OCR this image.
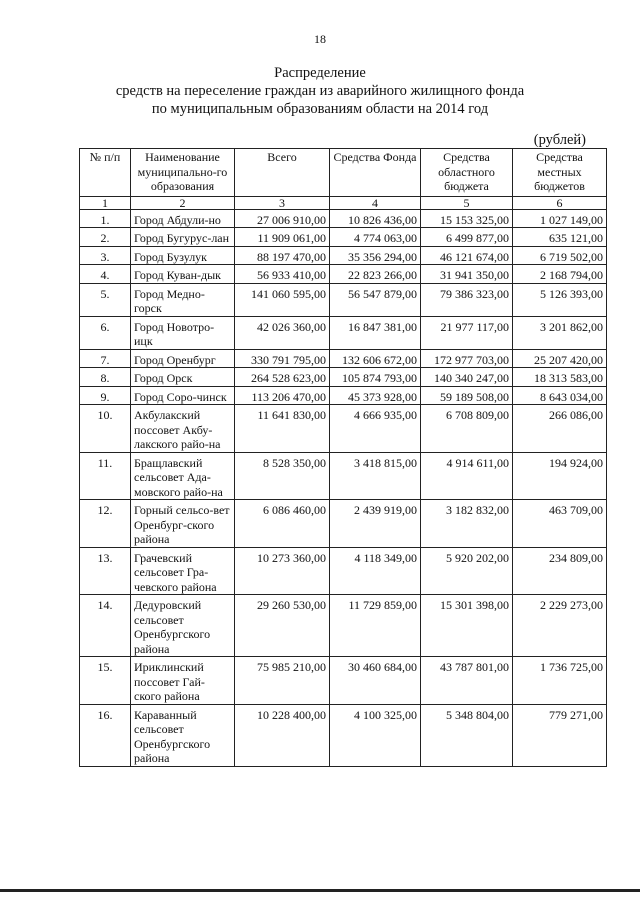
18
Распределение
средств на переселение граждан из аварийного жилищного фонда
по муниципальным образованиям области на 2014 год
(рублей)
№ п/п	Наименование муниципально-го образования	Всего	Средства Фонда	Средства областного бюджета	Средства местных бюджетов
1	2	3	4	5	6
1.	Город Абдули-но	27 006 910,00	10 826 436,00	15 153 325,00	1 027 149,00
2.	Город Бугурус-лан	11 909 061,00	4 774 063,00	6 499 877,00	635 121,00
3.	Город Бузулук	88 197 470,00	35 356 294,00	46 121 674,00	6 719 502,00
4.	Город Куван-дык	56 933 410,00	22 823 266,00	31 941 350,00	2 168 794,00
5.	Город Медно-горск	141 060 595,00	56 547 879,00	79 386 323,00	5 126 393,00
6.	Город Новотро-ицк	42 026 360,00	16 847 381,00	21 977 117,00	3 201 862,00
7.	Город Оренбург	330 791 795,00	132 606 672,00	172 977 703,00	25 207 420,00
8.	Город Орск	264 528 623,00	105 874 793,00	140 340 247,00	18 313 583,00
9.	Город Соро-чинск	113 206 470,00	45 373 928,00	59 189 508,00	8 643 034,00
10.	Акбулакский поссовет Акбу-лакского райо-на	11 641 830,00	4 666 935,00	6 708 809,00	266 086,00
11.	Бращлавский сельсовет Ада-мовского райо-на	8 528 350,00	3 418 815,00	4 914 611,00	194 924,00
12.	Горный сельсо-вет Оренбург-ского района	6 086 460,00	2 439 919,00	3 182 832,00	463 709,00
13.	Грачевский сельсовет Гра-чевского района	10 273 360,00	4 118 349,00	5 920 202,00	234 809,00
14.	Дедуровский сельсовет Оренбургского района	29 260 530,00	11 729 859,00	15 301 398,00	2 229 273,00
15.	Ириклинский поссовет Гай-ского района	75 985 210,00	30 460 684,00	43 787 801,00	1 736 725,00
16.	Караванный сельсовет Оренбургского района	10 228 400,00	4 100 325,00	5 348 804,00	779 271,00
